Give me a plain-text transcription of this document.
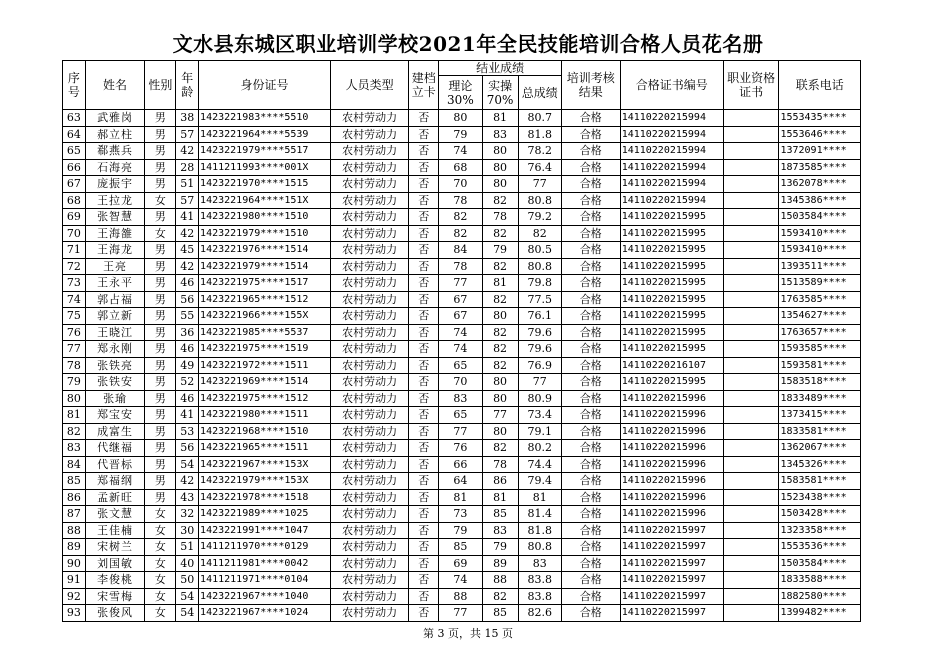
文水县东城区职业培训学校2021年全民技能培训合格人员花名册
序号	姓名	性别	年龄	身份证号	人员类型	建档立卡	结业成绩			培训考核结果	合格证书编号	职业资格证书	联系电话
							理论30%	实操70%	总成绩				
63	武雅岗	男	38	1423221983****5510	农村劳动力	否	80	81	80.7	合格	14110220215994		1553435****
64	郝立柱	男	57	1423221964****5539	农村劳动力	否	79	83	81.8	合格	14110220215994		1553646****
65	郗燕兵	男	42	1423221979****5517	农村劳动力	否	74	80	78.2	合格	14110220215994		1372091****
66	石海亮	男	28	1411211993****001X	农村劳动力	否	68	80	76.4	合格	14110220215994		1873585****
67	庞振宇	男	51	1423221970****1515	农村劳动力	否	70	80	77	合格	14110220215994		1362078****
68	王拉龙	女	57	1423221964****151X	农村劳动力	否	78	82	80.8	合格	14110220215994		1345386****
69	张智慧	男	41	1423221980****1510	农村劳动力	否	82	78	79.2	合格	14110220215995		1503584****
70	王海雒	女	42	1423221979****1510	农村劳动力	否	82	82	82	合格	14110220215995		1593410****
71	王海龙	男	45	1423221976****1514	农村劳动力	否	84	79	80.5	合格	14110220215995		1593410****
72	王亮	男	42	1423221979****1514	农村劳动力	否	78	82	80.8	合格	14110220215995		1393511****
73	王永平	男	46	1423221975****1517	农村劳动力	否	77	81	79.8	合格	14110220215995		1513589****
74	郭占福	男	56	1423221965****1512	农村劳动力	否	67	82	77.5	合格	14110220215995		1763585****
75	郭立新	男	55	1423221966****155X	农村劳动力	否	67	80	76.1	合格	14110220215995		1354627****
76	王晓江	男	36	1423221985****5537	农村劳动力	否	74	82	79.6	合格	14110220215995		1763657****
77	郑永刚	男	46	1423221975****1519	农村劳动力	否	74	82	79.6	合格	14110220215995		1593585****
78	张铁亮	男	49	1423221972****1511	农村劳动力	否	65	82	76.9	合格	14110220216107		1593581****
79	张铁安	男	52	1423221969****1514	农村劳动力	否	70	80	77	合格	14110220215995		1583518****
80	张瑜	男	46	1423221975****1512	农村劳动力	否	83	80	80.9	合格	14110220215996		1833489****
81	郑宝安	男	41	1423221980****1511	农村劳动力	否	65	77	73.4	合格	14110220215996		1373415****
82	成富生	男	53	1423221968****1510	农村劳动力	否	77	80	79.1	合格	14110220215996		1833581****
83	代继福	男	56	1423221965****1511	农村劳动力	否	76	82	80.2	合格	14110220215996		1362067****
84	代晋标	男	54	1423221967****153X	农村劳动力	否	66	78	74.4	合格	14110220215996		1345326****
85	郑福纲	男	42	1423221979****153X	农村劳动力	否	64	86	79.4	合格	14110220215996		1583581****
86	孟新旺	男	43	1423221978****1518	农村劳动力	否	81	81	81	合格	14110220215996		1523438****
87	张文慧	女	32	1423221989****1025	农村劳动力	否	73	85	81.4	合格	14110220215996		1503428****
88	王佳楠	女	30	1423221991****1047	农村劳动力	否	79	83	81.8	合格	14110220215997		1323358****
89	宋树兰	女	51	1411211970****0129	农村劳动力	否	85	79	80.8	合格	14110220215997		1553536****
90	刘国敏	女	40	1411211981****0042	农村劳动力	否	69	89	83	合格	14110220215997		1503584****
91	李俊桃	女	50	1411211971****0104	农村劳动力	否	74	88	83.8	合格	14110220215997		1833588****
92	宋雪梅	女	54	1423221967****1040	农村劳动力	否	88	82	83.8	合格	14110220215997		1882580****
93	张俊风	女	54	1423221967****1024	农村劳动力	否	77	85	82.6	合格	14110220215997		1399482****
第 3 页，共 15 页
